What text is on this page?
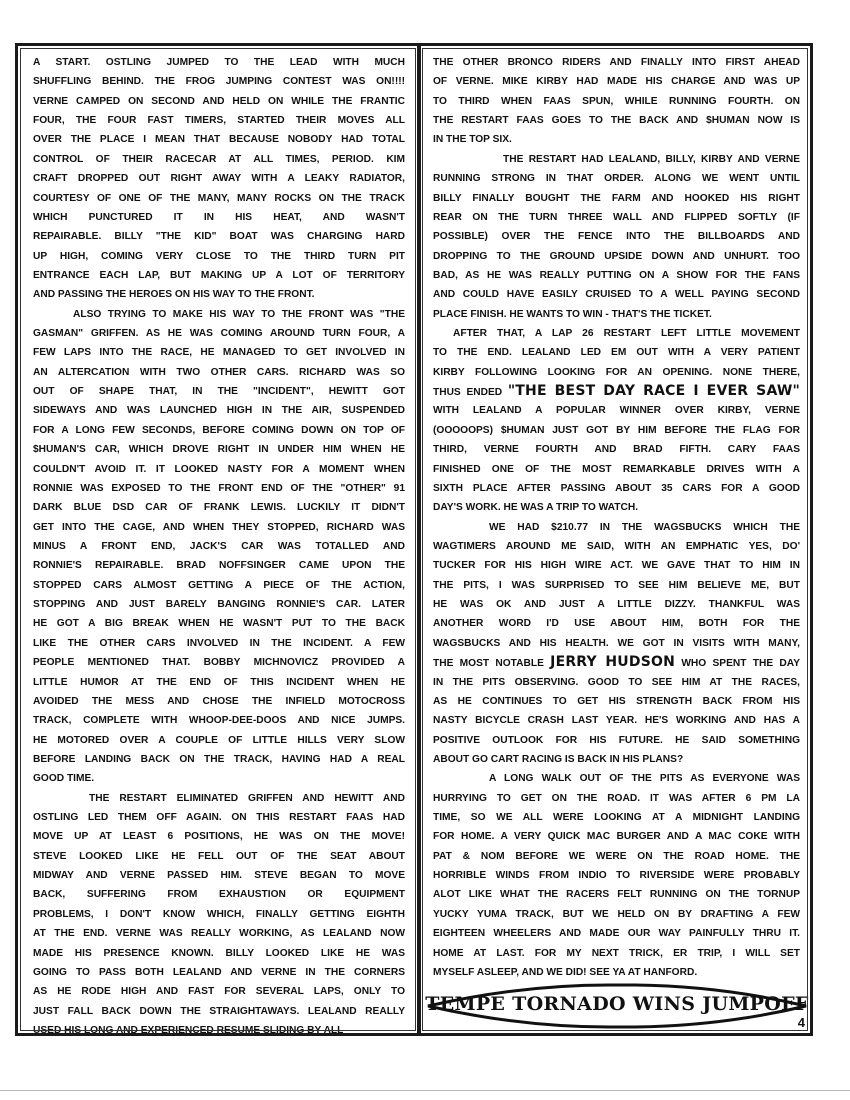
A START. OSTLING JUMPED TO THE LEAD WITH MUCH
SHUFFLING BEHIND. THE FROG JUMPING CONTEST WAS ON!!!!
VERNE CAMPED ON SECOND AND HELD ON WHILE THE FRANTIC
FOUR, THE FOUR FAST TIMERS, STARTED THEIR MOVES ALL
OVER THE PLACE I MEAN THAT BECAUSE NOBODY HAD TOTAL
CONTROL OF THEIR RACECAR AT ALL TIMES, PERIOD. KIM
CRAFT DROPPED OUT RIGHT AWAY WITH A LEAKY RADIATOR,
COURTESY OF ONE OF THE MANY, MANY ROCKS ON THE TRACK
WHICH PUNCTURED IT IN HIS HEAT, AND WASN'T
REPAIRABLE. BILLY "THE KID" BOAT WAS CHARGING HARD
UP HIGH, COMING VERY CLOSE TO THE THIRD TURN PIT
ENTRANCE EACH LAP, BUT MAKING UP A LOT OF TERRITORY
AND PASSING THE HEROES ON HIS WAY TO THE FRONT.
ALSO TRYING TO MAKE HIS WAY TO THE FRONT WAS "THE
GASMAN" GRIFFEN. AS HE WAS COMING AROUND TURN FOUR, A
FEW LAPS INTO THE RACE, HE MANAGED TO GET INVOLVED IN
AN ALTERCATION WITH TWO OTHER CARS. RICHARD WAS SO
OUT OF SHAPE THAT, IN THE "INCIDENT", HEWITT GOT
SIDEWAYS AND WAS LAUNCHED HIGH IN THE AIR, SUSPENDED
FOR A LONG FEW SECONDS, BEFORE COMING DOWN ON TOP OF
$HUMAN'S CAR, WHICH DROVE RIGHT IN UNDER HIM WHEN HE
COULDN'T AVOID IT. IT LOOKED NASTY FOR A MOMENT WHEN
RONNIE WAS EXPOSED TO THE FRONT END OF THE "OTHER" 91
DARK BLUE DSD CAR OF FRANK LEWIS. LUCKILY IT DIDN'T
GET INTO THE CAGE, AND WHEN THEY STOPPED, RICHARD WAS
MINUS A FRONT END, JACK'S CAR WAS TOTALLED AND
RONNIE'S REPAIRABLE. BRAD NOFFSINGER CAME UPON THE
STOPPED CARS ALMOST GETTING A PIECE OF THE ACTION,
STOPPING AND JUST BARELY BANGING RONNIE'S CAR. LATER
HE GOT A BIG BREAK WHEN HE WASN'T PUT TO THE BACK
LIKE THE OTHER CARS INVOLVED IN THE INCIDENT. A FEW
PEOPLE MENTIONED THAT. BOBBY MICHNOVICZ PROVIDED A
LITTLE HUMOR AT THE END OF THIS INCIDENT WHEN HE
AVOIDED THE MESS AND CHOSE THE INFIELD MOTOCROSS
TRACK, COMPLETE WITH WHOOP-DEE-DOOS AND NICE JUMPS.
HE MOTORED OVER A COUPLE OF LITTLE HILLS VERY SLOW
BEFORE LANDING BACK ON THE TRACK, HAVING HAD A REAL
GOOD TIME.
THE RESTART ELIMINATED GRIFFEN AND HEWITT AND
OSTLING LED THEM OFF AGAIN. ON THIS RESTART FAAS HAD
MOVE UP AT LEAST 6 POSITIONS, HE WAS ON THE MOVE!
STEVE LOOKED LIKE HE FELL OUT OF THE SEAT ABOUT
MIDWAY AND VERNE PASSED HIM. STEVE BEGAN TO MOVE
BACK, SUFFERING FROM EXHAUSTION OR EQUIPMENT
PROBLEMS, I DON'T KNOW WHICH, FINALLY GETTING EIGHTH
AT THE END. VERNE WAS REALLY WORKING, AS LEALAND NOW
MADE HIS PRESENCE KNOWN. BILLY LOOKED LIKE HE WAS
GOING TO PASS BOTH LEALAND AND VERNE IN THE CORNERS
AS HE RODE HIGH AND FAST FOR SEVERAL LAPS, ONLY TO
JUST FALL BACK DOWN THE STRAIGHTAWAYS. LEALAND REALLY
USED HIS LONG AND EXPERIENCED RESUME SLIDING BY ALL
THE OTHER BRONCO RIDERS AND FINALLY INTO FIRST AHEAD
OF VERNE. MIKE KIRBY HAD MADE HIS CHARGE AND WAS UP
TO THIRD WHEN FAAS SPUN, WHILE RUNNING FOURTH. ON
THE RESTART FAAS GOES TO THE BACK AND $HUMAN NOW IS
IN THE TOP SIX.
THE RESTART HAD LEALAND, BILLY, KIRBY AND VERNE
RUNNING STRONG IN THAT ORDER. ALONG WE WENT UNTIL
BILLY FINALLY BOUGHT THE FARM AND HOOKED HIS RIGHT
REAR ON THE TURN THREE WALL AND FLIPPED SOFTLY (IF
POSSIBLE) OVER THE FENCE INTO THE BILLBOARDS AND
DROPPING TO THE GROUND UPSIDE DOWN AND UNHURT. TOO
BAD, AS HE WAS REALLY PUTTING ON A SHOW FOR THE FANS
AND COULD HAVE EASILY CRUISED TO A WELL PAYING SECOND
PLACE FINISH. HE WANTS TO WIN - THAT'S THE TICKET.
AFTER THAT, A LAP 26 RESTART LEFT LITTLE MOVEMENT
TO THE END. LEALAND LED EM OUT WITH A VERY PATIENT
KIRBY FOLLOWING LOOKING FOR AN OPENING. NONE THERE,
THUS ENDED "THE BEST DAY RACE I EVER SAW"
WITH LEALAND A POPULAR WINNER OVER KIRBY, VERNE
(OOOOOPS) $HUMAN JUST GOT BY HIM BEFORE THE FLAG FOR
THIRD, VERNE FOURTH AND BRAD FIFTH. CARY FAAS
FINISHED ONE OF THE MOST REMARKABLE DRIVES WITH A
SIXTH PLACE AFTER PASSING ABOUT 35 CARS FOR A GOOD
DAY'S WORK. HE WAS A TRIP TO WATCH.
WE HAD $210.77 IN THE WAGSBUCKS WHICH THE
WAGTIMERS AROUND ME SAID, WITH AN EMPHATIC YES, DO'
TUCKER FOR HIS HIGH WIRE ACT. WE GAVE THAT TO HIM IN
THE PITS, I WAS SURPRISED TO SEE HIM BELIEVE ME, BUT
HE WAS OK AND JUST A LITTLE DIZZY. THANKFUL WAS
ANOTHER WORD I'D USE ABOUT HIM, BOTH FOR THE
WAGSBUCKS AND HIS HEALTH. WE GOT IN VISITS WITH MANY,
THE MOST NOTABLE JERRY HUDSON WHO SPENT THE DAY
IN THE PITS OBSERVING. GOOD TO SEE HIM AT THE RACES,
AS HE CONTINUES TO GET HIS STRENGTH BACK FROM HIS
NASTY BICYCLE CRASH LAST YEAR. HE'S WORKING AND HAS A
POSITIVE OUTLOOK FOR HIS FUTURE. HE SAID SOMETHING
ABOUT GO CART RACING IS BACK IN HIS PLANS?
A LONG WALK OUT OF THE PITS AS EVERYONE WAS
HURRYING TO GET ON THE ROAD. IT WAS AFTER 6 PM LA
TIME, SO WE ALL WERE LOOKING AT A MIDNIGHT LANDING
FOR HOME. A VERY QUICK MAC BURGER AND A MAC COKE WITH
PAT & NOM BEFORE WE WERE ON THE ROAD HOME. THE
HORRIBLE WINDS FROM INDIO TO RIVERSIDE WERE PROBABLY
ALOT LIKE WHAT THE RACERS FELT RUNNING ON THE TORNUP
YUCKY YUMA TRACK, BUT WE HELD ON BY DRAFTING A FEW
EIGHTEEN WHEELERS AND MADE OUR WAY PAINFULLY THRU IT.
HOME AT LAST. FOR MY NEXT TRICK, ER TRIP, I WILL SET
MYSELF ASLEEP, AND WE DID! SEE YA AT HANFORD.
TEMPE TORNADO WINS JUMPOFF
4
